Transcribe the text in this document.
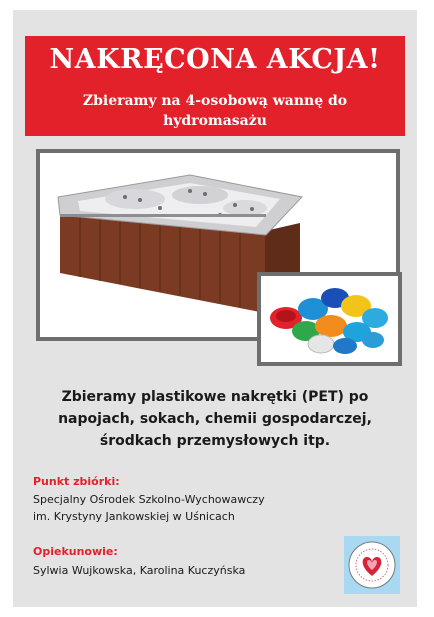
NAKRĘCONA AKCJA!
Zbieramy na 4-osobową wannę do hydromasażu
Zbieramy plastikowe nakrętki (PET) po napojach, sokach, chemii gospodarczej, środkach przemysłowych itp.
Punkt zbiórki:
Specjalny Ośrodek Szkolno-Wychowawczy
im. Krystyny Jankowskiej w Uśnicach
Opiekunowie:
Sylwia Wujkowska, Karolina Kuczyńska
